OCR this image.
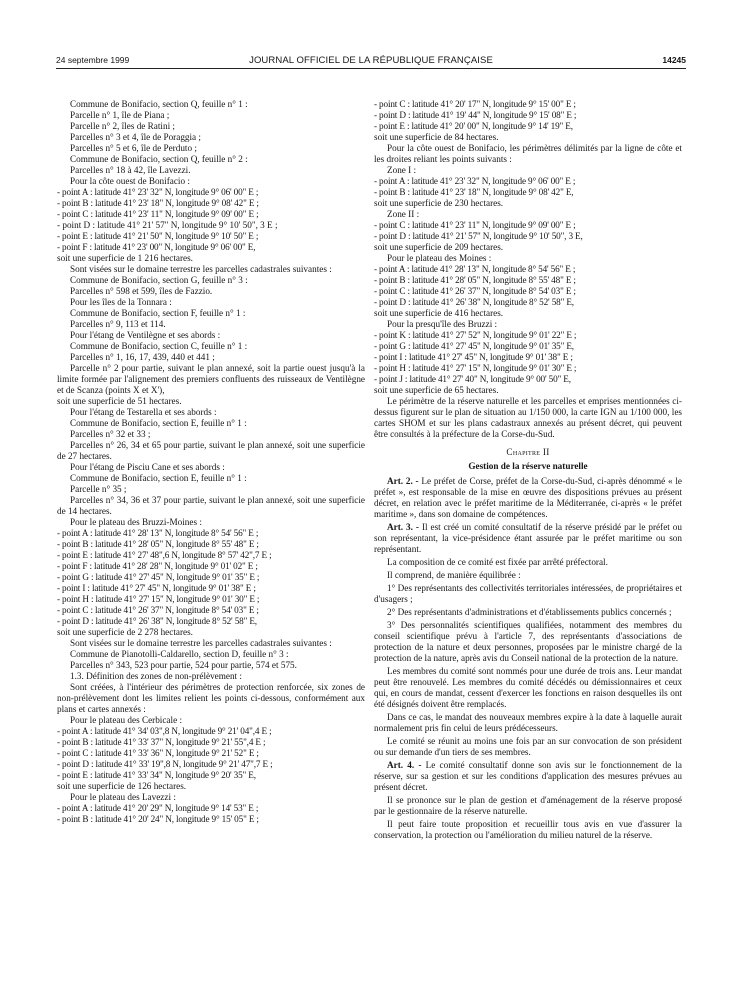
24 septembre 1999	JOURNAL OFFICIEL DE LA RÉPUBLIQUE FRANÇAISE	14245

Commune de Bonifacio, section Q, feuille n° 1 :

Parcelle n° 1, île de Piana ;

Parcelle n° 2, îles de Ratini ;

Parcelles n° 3 et 4, île de Poraggia ;

Parcelles n° 5 et 6, île de Perduto ;

Commune de Bonifacio, section Q, feuille n° 2 :

Parcelles n° 18 à 42, île Lavezzi.

Pour la côte ouest de Bonifacio :

- point A : latitude 41° 23' 32" N, longitude 9° 06' 00" E ;

- point B : latitude 41° 23' 18" N, longitude 9° 08' 42" E ;

- point C : latitude 41° 23' 11" N, longitude 9° 09' 00" E ;

- point D : latitude 41° 21' 57" N, longitude 9° 10' 50", 3 E ;

- point E : latitude 41° 21' 50" N, longitude 9° 10' 50" E ;

- point F : latitude 41° 23' 00" N, longitude 9° 06' 00" E,

soit une superficie de 1 216 hectares.

Sont visées sur le domaine terrestre les parcelles cadastrales suivantes :

Commune de Bonifacio, section G, feuille n° 3 :

Parcelles n° 598 et 599, îles de Fazzio.

Pour les îles de la Tonnara :

Commune de Bonifacio, section F, feuille n° 1 :

Parcelles n° 9, 113 et 114.

Pour l'étang de Ventilègne et ses abords :

Commune de Bonifacio, section C, feuille n° 1 :

Parcelles n° 1, 16, 17, 439, 440 et 441 ;

Parcelle n° 2 pour partie, suivant le plan annexé, soit la partie ouest jusqu'à la limite formée par l'alignement des premiers confluents des ruisseaux de Ventilègne et de Scanza (points X et X'),

soit une superficie de 51 hectares.

Pour l'étang de Testarella et ses abords :

Commune de Bonifacio, section E, feuille n° 1 :

Parcelles n° 32 et 33 ;

Parcelles n° 26, 34 et 65 pour partie, suivant le plan annexé, soit une superficie de 27 hectares.

Pour l'étang de Pisciu Cane et ses abords :

Commune de Bonifacio, section E, feuille n° 1 :

Parcelle n° 35 ;

Parcelles n° 34, 36 et 37 pour partie, suivant le plan annexé, soit une superficie de 14 hectares.

Pour le plateau des Bruzzi-Moines :

- point A : latitude 41° 28' 13" N, longitude 8° 54' 56" E ;

- point B : latitude 41° 28' 05" N, longitude 8° 55' 48" E ;

- point E : latitude 41° 27' 48",6 N, longitude 8° 57' 42",7 E ;

- point F : latitude 41° 28' 28" N, longitude 9° 01' 02" E ;

- point G : latitude 41° 27' 45" N, longitude 9° 01' 35" E ;

- point I : latitude 41° 27' 45" N, longitude 9° 01' 38" E ;

- point H : latitude 41° 27' 15" N, longitude 9° 01' 30" E ;

- point C : latitude 41° 26' 37" N, longitude 8° 54' 03" E ;

- point D : latitude 41° 26' 38" N, longitude 8° 52' 58" E,

soit une superficie de 2 278 hectares.

Sont visées sur le domaine terrestre les parcelles cadastrales suivantes :

Commune de Pianotolli-Caldarello, section D, feuille n° 3 :

Parcelles n° 343, 523 pour partie, 524 pour partie, 574 et 575.

1.3. Définition des zones de non-prélèvement :

Sont créées, à l'intérieur des périmètres de protection renforcée, six zones de non-prélèvement dont les limites relient les points ci-dessous, conformément aux plans et cartes annexés :

Pour le plateau des Cerbicale :

- point A : latitude 41° 34' 03",8 N, longitude 9° 21' 04",4 E ;

- point B : latitude 41° 33' 37" N, longitude 9° 21' 55",4 E ;

- point C : latitude 41° 33' 36" N, longitude 9° 21' 52" E ;

- point D : latitude 41° 33' 19",8 N, longitude 9° 21' 47",7 E ;

- point E : latitude 41° 33' 34" N, longitude 9° 20' 35" E,

soit une superficie de 126 hectares.

Pour le plateau des Lavezzi :

- point A : latitude 41° 20' 29" N, longitude 9° 14' 53" E ;

- point B : latitude 41° 20' 24" N, longitude 9° 15' 05" E ;

- point C : latitude 41° 20' 17" N, longitude 9° 15' 00" E ;

- point D : latitude 41° 19' 44" N, longitude 9° 15' 08" E ;

- point E : latitude 41° 20' 00" N, longitude 9° 14' 19" E,

soit une superficie de 84 hectares.

Pour la côte ouest de Bonifacio, les périmètres délimités par la ligne de côte et les droites reliant les points suivants :

Zone I :

- point A : latitude 41° 23' 32" N, longitude 9° 06' 00" E ;

- point B : latitude 41° 23' 18" N, longitude 9° 08' 42" E,

soit une superficie de 230 hectares.

Zone II :

- point C : latitude 41° 23' 11" N, longitude 9° 09' 00" E ;

- point D : latitude 41° 21' 57" N, longitude 9° 10' 50", 3 E,

soit une superficie de 209 hectares.

Pour le plateau des Moines :

- point A : latitude 41° 28' 13" N, longitude 8° 54' 56" E ;

- point B : latitude 41° 28' 05" N, longitude 8° 55' 48" E ;

- point C : latitude 41° 26' 37" N, longitude 8° 54' 03" E ;

- point D : latitude 41° 26' 38" N, longitude 8° 52' 58" E,

soit une superficie de 416 hectares.

Pour la presqu'île des Bruzzi :

- point K : latitude 41° 27' 52" N, longitude 9° 01' 22" E ;

- point G : latitude 41° 27' 45" N, longitude 9° 01' 35" E,

- point I : latitude 41° 27' 45" N, longitude 9° 01' 38" E ;

- point H : latitude 41° 27' 15" N, longitude 9° 01' 30" E ;

- point J : latitude 41° 27' 40" N, longitude 9° 00' 50" E,

soit une superficie de 65 hectares.

Le périmètre de la réserve naturelle et les parcelles et emprises mentionnées ci-dessus figurent sur le plan de situation au 1/150 000, la carte IGN au 1/100 000, les cartes SHOM et sur les plans cadastraux annexés au présent décret, qui peuvent être consultés à la préfecture de la Corse-du-Sud.

Chapitre II

Gestion de la réserve naturelle

Art. 2. - Le préfet de Corse, préfet de la Corse-du-Sud, ci-après dénommé « le préfet », est responsable de la mise en œuvre des dispositions prévues au présent décret, en relation avec le préfet maritime de la Méditerranée, ci-après « le préfet maritime », dans son domaine de compétences.

Art. 3. - Il est créé un comité consultatif de la réserve présidé par le préfet ou son représentant, la vice-présidence étant assurée par le préfet maritime ou son représentant.

La composition de ce comité est fixée par arrêté préfectoral.

Il comprend, de manière équilibrée :

1° Des représentants des collectivités territoriales intéressées, de propriétaires et d'usagers ;

2° Des représentants d'administrations et d'établissements publics concernés ;

3° Des personnalités scientifiques qualifiées, notamment des membres du conseil scientifique prévu à l'article 7, des représentants d'associations de protection de la nature et deux personnes, proposées par le ministre chargé de la protection de la nature, après avis du Conseil national de la protection de la nature.

Les membres du comité sont nommés pour une durée de trois ans. Leur mandat peut être renouvelé. Les membres du comité décédés ou démissionnaires et ceux qui, en cours de mandat, cessent d'exercer les fonctions en raison desquelles ils ont été désignés doivent être remplacés.

Dans ce cas, le mandat des nouveaux membres expire à la date à laquelle aurait normalement pris fin celui de leurs prédécesseurs.

Le comité se réunit au moins une fois par an sur convocation de son président ou sur demande d'un tiers de ses membres.

Art. 4. - Le comité consultatif donne son avis sur le fonctionnement de la réserve, sur sa gestion et sur les conditions d'application des mesures prévues au présent décret.

Il se prononce sur le plan de gestion et d'aménagement de la réserve proposé par le gestionnaire de la réserve naturelle.

Il peut faire toute proposition et recueillir tous avis en vue d'assurer la conservation, la protection ou l'amélioration du milieu naturel de la réserve.
